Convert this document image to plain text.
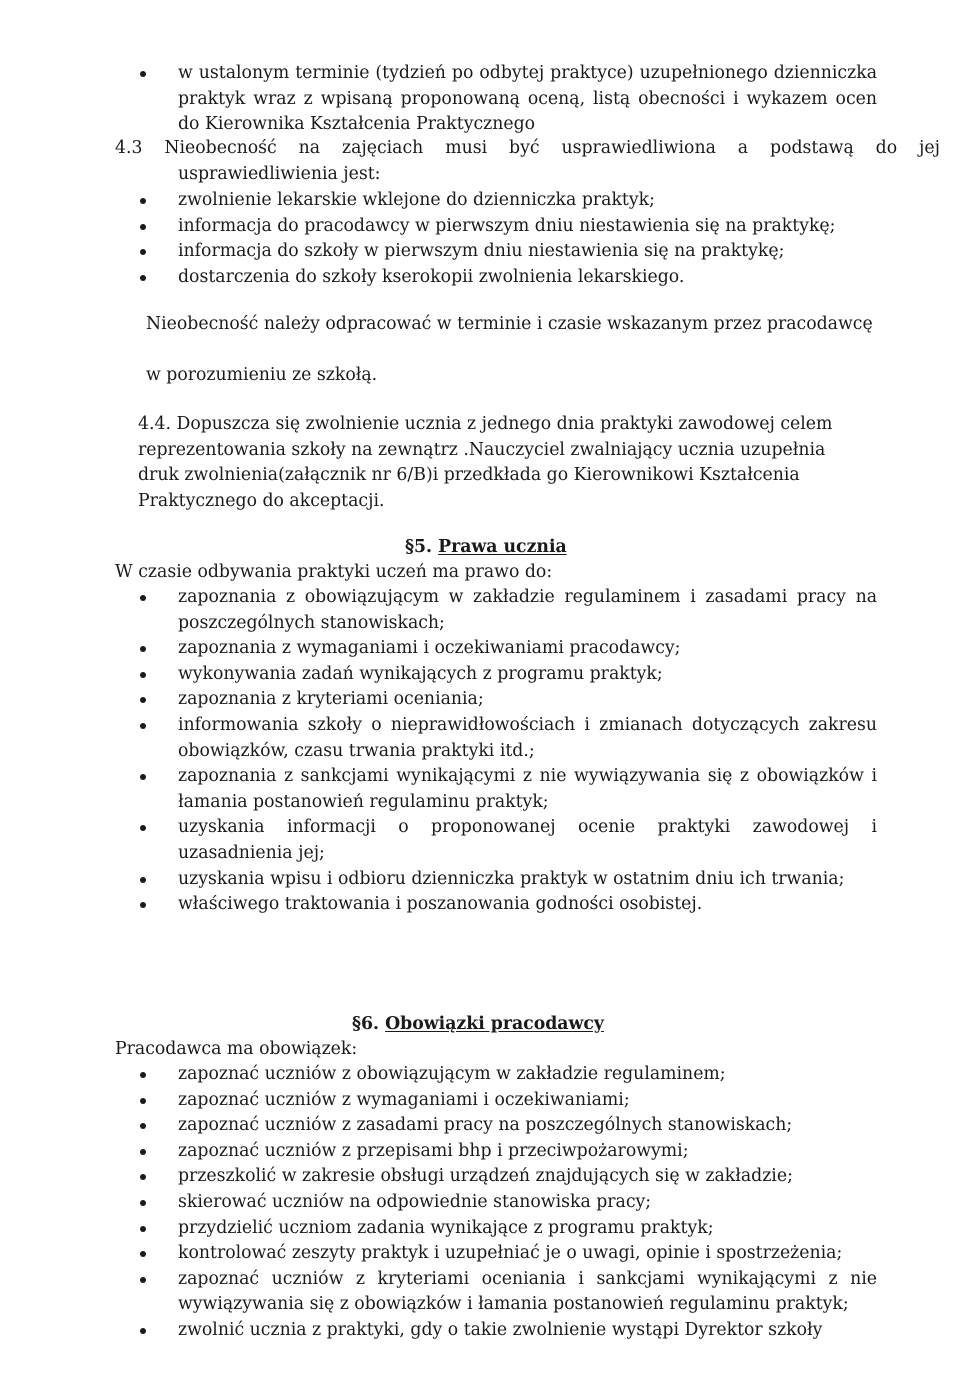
w ustalonym terminie (tydzień po odbytej praktyce) uzupełnionego dzienniczka praktyk wraz z wpisaną proponowaną oceną, listą obecności i wykazem ocen do Kierownika Kształcenia Praktycznego

4.3 Nieobecność na zajęciach musi być usprawiedliwiona a podstawą do jej usprawiedliwienia jest:

zwolnienie lekarskie wklejone do dzienniczka praktyk;
informacja do pracodawcy w pierwszym dniu niestawienia się na praktykę;
informacja do szkoły w pierwszym dniu niestawienia się na praktykę;
dostarczenia do szkoły kserokopii zwolnienia lekarskiego.

Nieobecność należy odpracować w terminie i czasie wskazanym przez pracodawcę

w porozumieniu ze szkołą.

4.4. Dopuszcza się zwolnienie ucznia z jednego dnia praktyki zawodowej celem reprezentowania szkoły na zewnątrz .Nauczyciel zwalniający ucznia uzupełnia druk zwolnienia(załącznik nr 6/B)i przedkłada go Kierownikowi Kształcenia Praktycznego do akceptacji.

§5. Prawa ucznia

W czasie odbywania praktyki uczeń ma prawo do:

zapoznania z obowiązującym w zakładzie regulaminem i zasadami pracy na poszczególnych stanowiskach;
zapoznania z wymaganiami i oczekiwaniami pracodawcy;
wykonywania zadań wynikających z programu praktyk;
zapoznania z kryteriami oceniania;
informowania szkoły o nieprawidłowościach i zmianach dotyczących zakresu obowiązków, czasu trwania praktyki itd.;
zapoznania z sankcjami wynikającymi z nie wywiązywania się z obowiązków i łamania postanowień regulaminu praktyk;
uzyskania informacji o proponowanej ocenie praktyki zawodowej i uzasadnienia jej;
uzyskania wpisu i odbioru dzienniczka praktyk w ostatnim dniu ich trwania;
właściwego traktowania i poszanowania godności osobistej.

§6. Obowiązki pracodawcy

Pracodawca ma obowiązek:

zapoznać uczniów z obowiązującym w zakładzie regulaminem;
zapoznać uczniów z wymaganiami i oczekiwaniami;
zapoznać uczniów z zasadami pracy na poszczególnych stanowiskach;
zapoznać uczniów z przepisami bhp i przeciwpożarowymi;
przeszkolić w zakresie obsługi urządzeń znajdujących się w zakładzie;
skierować uczniów na odpowiednie stanowiska pracy;
przydzielić uczniom zadania wynikające z programu praktyk;
kontrolować zeszyty praktyk i uzupełniać je o uwagi, opinie i spostrzeżenia;
zapoznać uczniów z kryteriami oceniania i sankcjami wynikającymi z nie wywiązywania się z obowiązków i łamania postanowień regulaminu praktyk;
zwolnić ucznia z praktyki, gdy o takie zwolnienie wystąpi Dyrektor szkoły
